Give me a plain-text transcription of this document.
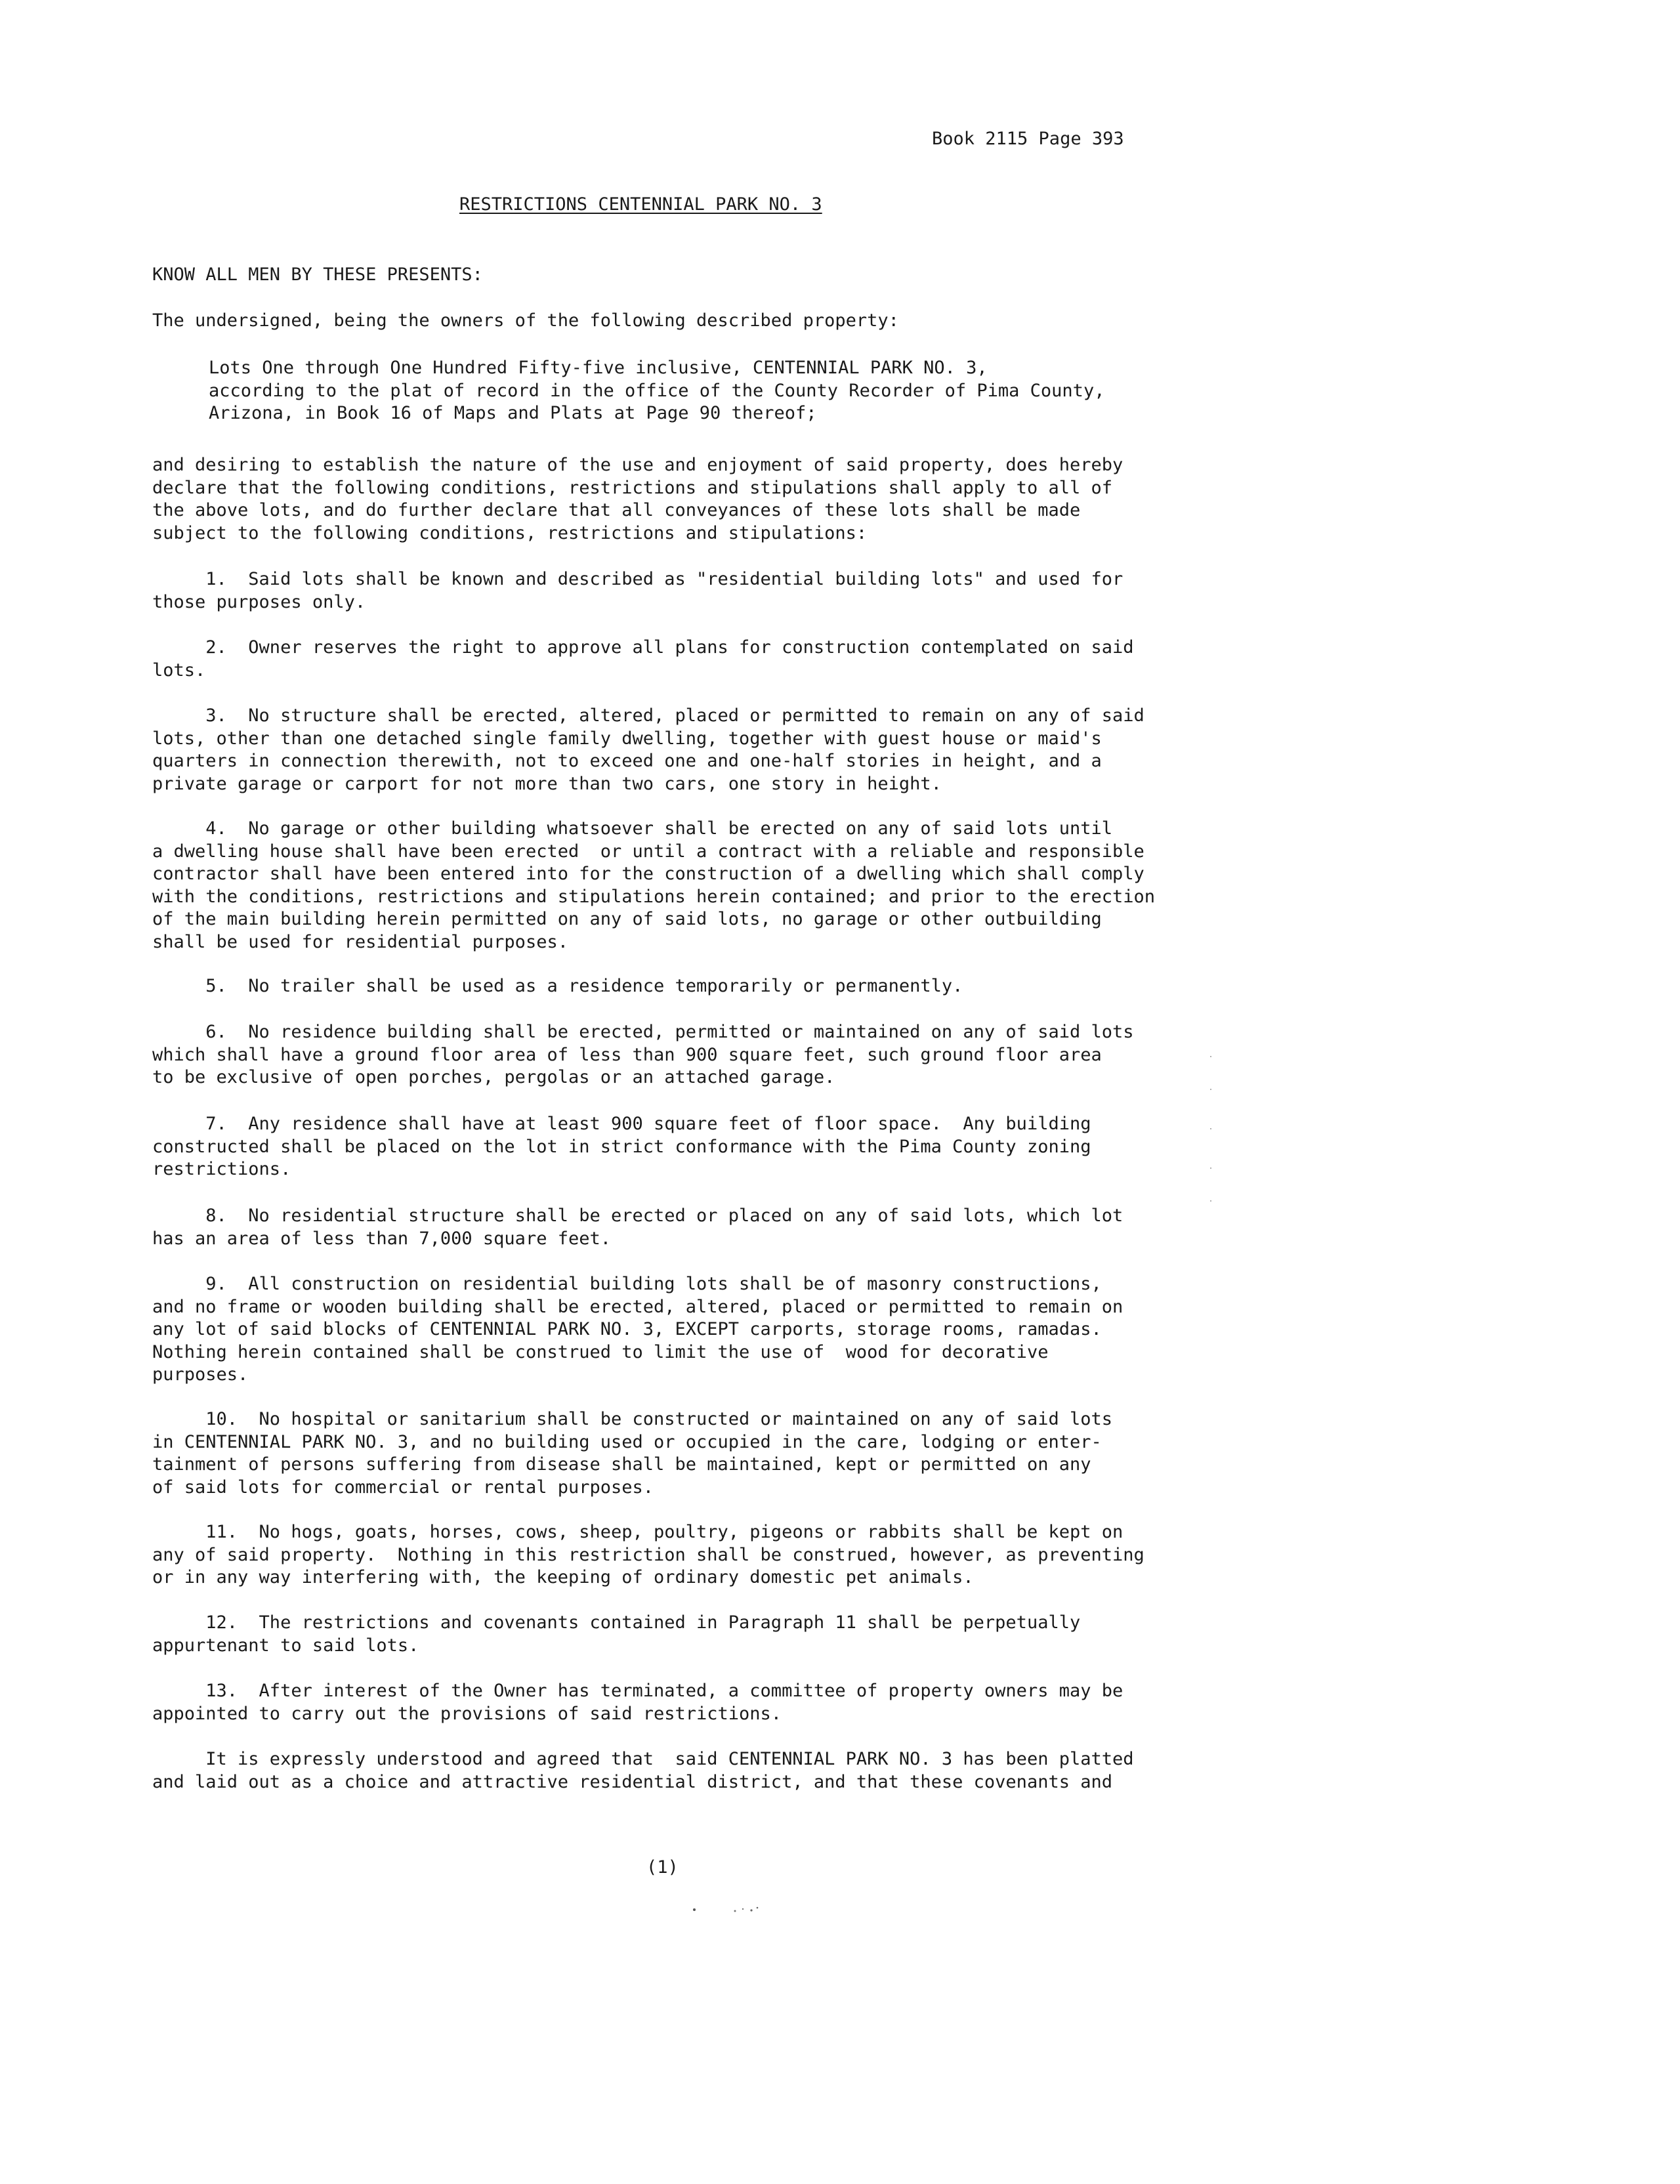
Book 2115 Page 393
RESTRICTIONS CENTENNIAL PARK NO. 3
KNOW ALL MEN BY THESE PRESENTS:
The undersigned, being the owners of the following described property:
Lots One through One Hundred Fifty-five inclusive, CENTENNIAL PARK NO. 3,
according to the plat of record in the office of the County Recorder of Pima County,
Arizona, in Book 16 of Maps and Plats at Page 90 thereof;
and desiring to establish the nature of the use and enjoyment of said property, does hereby
declare that the following conditions, restrictions and stipulations shall apply to all of
the above lots, and do further declare that all conveyances of these lots shall be made
subject to the following conditions, restrictions and stipulations:
1.  Said lots shall be known and described as "residential building lots" and used for
those purposes only.
2.  Owner reserves the right to approve all plans for construction contemplated on said
lots.
3.  No structure shall be erected, altered, placed or permitted to remain on any of said
lots, other than one detached single family dwelling, together with guest house or maid's
quarters in connection therewith, not to exceed one and one-half stories in height, and a
private garage or carport for not more than two cars, one story in height.
4.  No garage or other building whatsoever shall be erected on any of said lots until
a dwelling house shall have been erected  or until a contract with a reliable and responsible
contractor shall have been entered into for the construction of a dwelling which shall comply
with the conditions, restrictions and stipulations herein contained; and prior to the erection
of the main building herein permitted on any of said lots, no garage or other outbuilding
shall be used for residential purposes.
5.  No trailer shall be used as a residence temporarily or permanently.
6.  No residence building shall be erected, permitted or maintained on any of said lots
which shall have a ground floor area of less than 900 square feet, such ground floor area
to be exclusive of open porches, pergolas or an attached garage.
7.  Any residence shall have at least 900 square feet of floor space.  Any building
constructed shall be placed on the lot in strict conformance with the Pima County zoning
restrictions.
8.  No residential structure shall be erected or placed on any of said lots, which lot
has an area of less than 7,000 square feet.
9.  All construction on residential building lots shall be of masonry constructions,
and no frame or wooden building shall be erected, altered, placed or permitted to remain on
any lot of said blocks of CENTENNIAL PARK NO. 3, EXCEPT carports, storage rooms, ramadas.
Nothing herein contained shall be construed to limit the use of  wood for decorative
purposes.
10.  No hospital or sanitarium shall be constructed or maintained on any of said lots
in CENTENNIAL PARK NO. 3, and no building used or occupied in the care, lodging or enter-
tainment of persons suffering from disease shall be maintained, kept or permitted on any
of said lots for commercial or rental purposes.
11.  No hogs, goats, horses, cows, sheep, poultry, pigeons or rabbits shall be kept on
any of said property.  Nothing in this restriction shall be construed, however, as preventing
or in any way interfering with, the keeping of ordinary domestic pet animals.
12.  The restrictions and covenants contained in Paragraph 11 shall be perpetually
appurtenant to said lots.
13.  After interest of the Owner has terminated, a committee of property owners may be
appointed to carry out the provisions of said restrictions.
It is expressly understood and agreed that  said CENTENNIAL PARK NO. 3 has been platted
and laid out as a choice and attractive residential district, and that these covenants and
(1)
